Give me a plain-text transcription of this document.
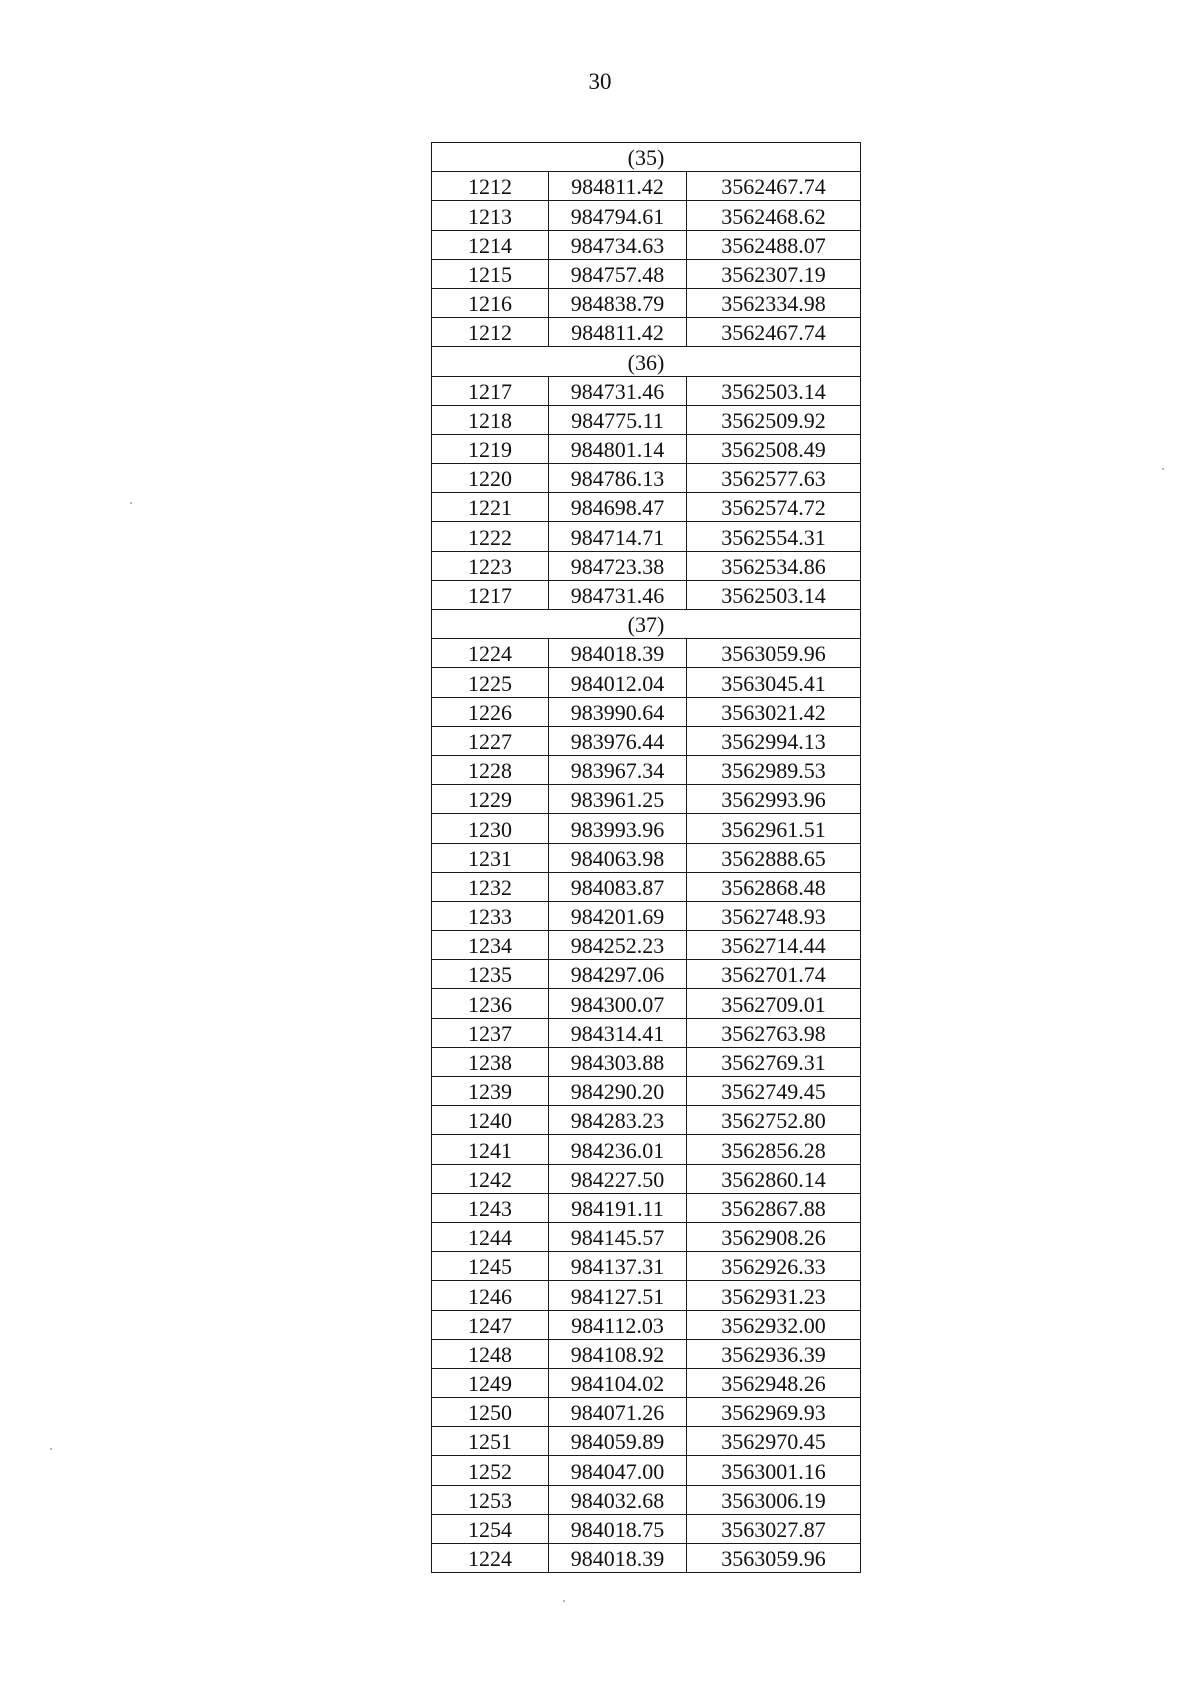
30
(35)		
1212	984811.42	3562467.74
1213	984794.61	3562468.62
1214	984734.63	3562488.07
1215	984757.48	3562307.19
1216	984838.79	3562334.98
1212	984811.42	3562467.74
(36)		
1217	984731.46	3562503.14
1218	984775.11	3562509.92
1219	984801.14	3562508.49
1220	984786.13	3562577.63
1221	984698.47	3562574.72
1222	984714.71	3562554.31
1223	984723.38	3562534.86
1217	984731.46	3562503.14
(37)		
1224	984018.39	3563059.96
1225	984012.04	3563045.41
1226	983990.64	3563021.42
1227	983976.44	3562994.13
1228	983967.34	3562989.53
1229	983961.25	3562993.96
1230	983993.96	3562961.51
1231	984063.98	3562888.65
1232	984083.87	3562868.48
1233	984201.69	3562748.93
1234	984252.23	3562714.44
1235	984297.06	3562701.74
1236	984300.07	3562709.01
1237	984314.41	3562763.98
1238	984303.88	3562769.31
1239	984290.20	3562749.45
1240	984283.23	3562752.80
1241	984236.01	3562856.28
1242	984227.50	3562860.14
1243	984191.11	3562867.88
1244	984145.57	3562908.26
1245	984137.31	3562926.33
1246	984127.51	3562931.23
1247	984112.03	3562932.00
1248	984108.92	3562936.39
1249	984104.02	3562948.26
1250	984071.26	3562969.93
1251	984059.89	3562970.45
1252	984047.00	3563001.16
1253	984032.68	3563006.19
1254	984018.75	3563027.87
1224	984018.39	3563059.96
